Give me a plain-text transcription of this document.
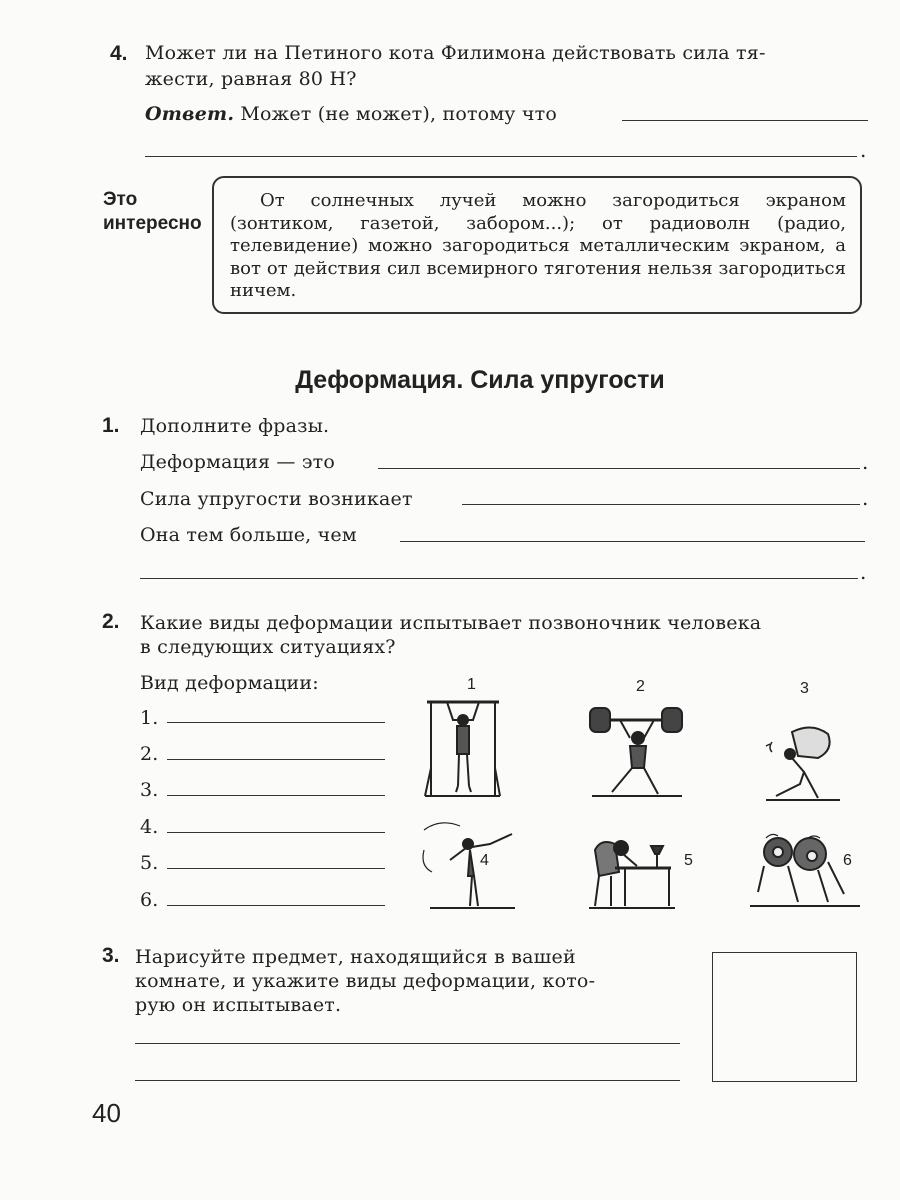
4. Может ли на Петиного кота Филимона действовать сила тя-
жести, равная 80 Н?
Ответ. Может (не может), потому что
.
Это
интересно
От солнечных лучей можно загородиться экраном (зонтиком, газетой, забором...); от радиоволн (радио, телевидение) можно загородиться металлическим экраном, а вот от действия сил всемирного тяготения нельзя загородиться ничем.
Деформация. Сила упругости
1. Дополните фразы.
Деформация — это	.
Сила упругости возникает	.
Она тем больше, чем
.
2. Какие виды деформации испытывает позвоночник человека
в следующих ситуациях?
Вид деформации:
1.
2.
3.
4.
5.
6.
1	2	3
4	5	6
3. Нарисуйте предмет, находящийся в вашей
комнате, и укажите виды деформации, кото-
рую он испытывает.
40
